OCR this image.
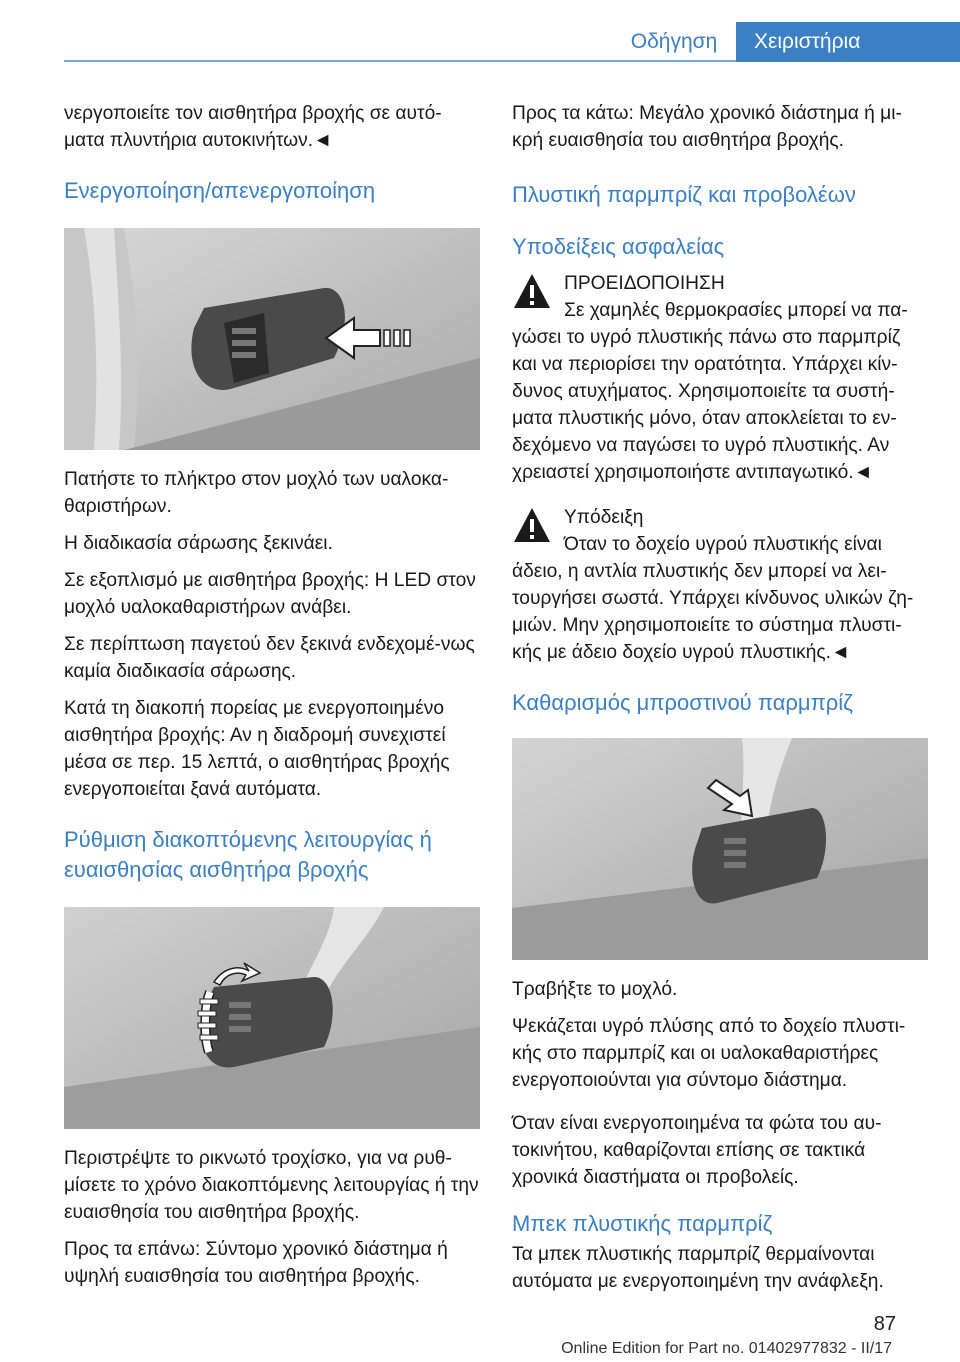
Οδήγηση	Χειριστήρια

νεργοποιείτε τον αισθητήρα βροχής σε αυτό-ματα πλυντήρια αυτοκινήτων.◄

Ενεργοποίηση/απενεργοποίηση

Πατήστε το πλήκτρο στον μοχλό των υαλοκα-θαριστήρων.

Η διαδικασία σάρωσης ξεκινάει.

Σε εξοπλισμό με αισθητήρα βροχής: Η LED στον μοχλό υαλοκαθαριστήρων ανάβει.

Σε περίπτωση παγετού δεν ξεκινά ενδεχομέ-νως καμία διαδικασία σάρωσης.

Κατά τη διακοπή πορείας με ενεργοποιημένο αισθητήρα βροχής: Αν η διαδρομή συνεχιστεί μέσα σε περ. 15 λεπτά, ο αισθητήρας βροχής ενεργοποιείται ξανά αυτόματα.

Ρύθμιση διακοπτόμενης λειτουργίας ή ευαισθησίας αισθητήρα βροχής

Περιστρέψτε το ρικνωτό τροχίσκο, για να ρυθ-μίσετε το χρόνο διακοπτόμενης λειτουργίας ή την ευαισθησία του αισθητήρα βροχής.

Προς τα επάνω: Σύντομο χρονικό διάστημα ή υψηλή ευαισθησία του αισθητήρα βροχής.

Προς τα κάτω: Μεγάλο χρονικό διάστημα ή μι-κρή ευαισθησία του αισθητήρα βροχής.

Πλυστική παρμπρίζ και προβολέων

Υποδείξεις ασφαλείας

ΠΡΟΕΙΔΟΠΟΙΗΣΗ

Σε χαμηλές θερμοκρασίες μπορεί να πα-

γώσει το υγρό πλυστικής πάνω στο παρμπρίζ και να περιορίσει την ορατότητα. Υπάρχει κίν-δυνος ατυχήματος. Χρησιμοποιείτε τα συστή-ματα πλυστικής μόνο, όταν αποκλείεται το εν-δεχόμενο να παγώσει το υγρό πλυστικής. Αν χρειαστεί χρησιμοποιήστε αντιπαγωτικό.◄

Υπόδειξη

Όταν το δοχείο υγρού πλυστικής είναι

άδειο, η αντλία πλυστικής δεν μπορεί να λει-τουργήσει σωστά. Υπάρχει κίνδυνος υλικών ζη-μιών. Μην χρησιμοποιείτε το σύστημα πλυστι-κής με άδειο δοχείο υγρού πλυστικής.◄

Καθαρισμός μπροστινού παρμπρίζ

Τραβήξτε το μοχλό.

Ψεκάζεται υγρό πλύσης από το δοχείο πλυστι-κής στο παρμπρίζ και οι υαλοκαθαριστήρες ενεργοποιούνται για σύντομο διάστημα.

Όταν είναι ενεργοποιημένα τα φώτα του αυ-τοκινήτου, καθαρίζονται επίσης σε τακτικά χρονικά διαστήματα οι προβολείς.

Μπεκ πλυστικής παρμπρίζ

Τα μπεκ πλυστικής παρμπρίζ θερμαίνονται αυτόματα με ενεργοποιημένη την ανάφλεξη.

87
Online Edition for Part no. 01402977832 - II/17
